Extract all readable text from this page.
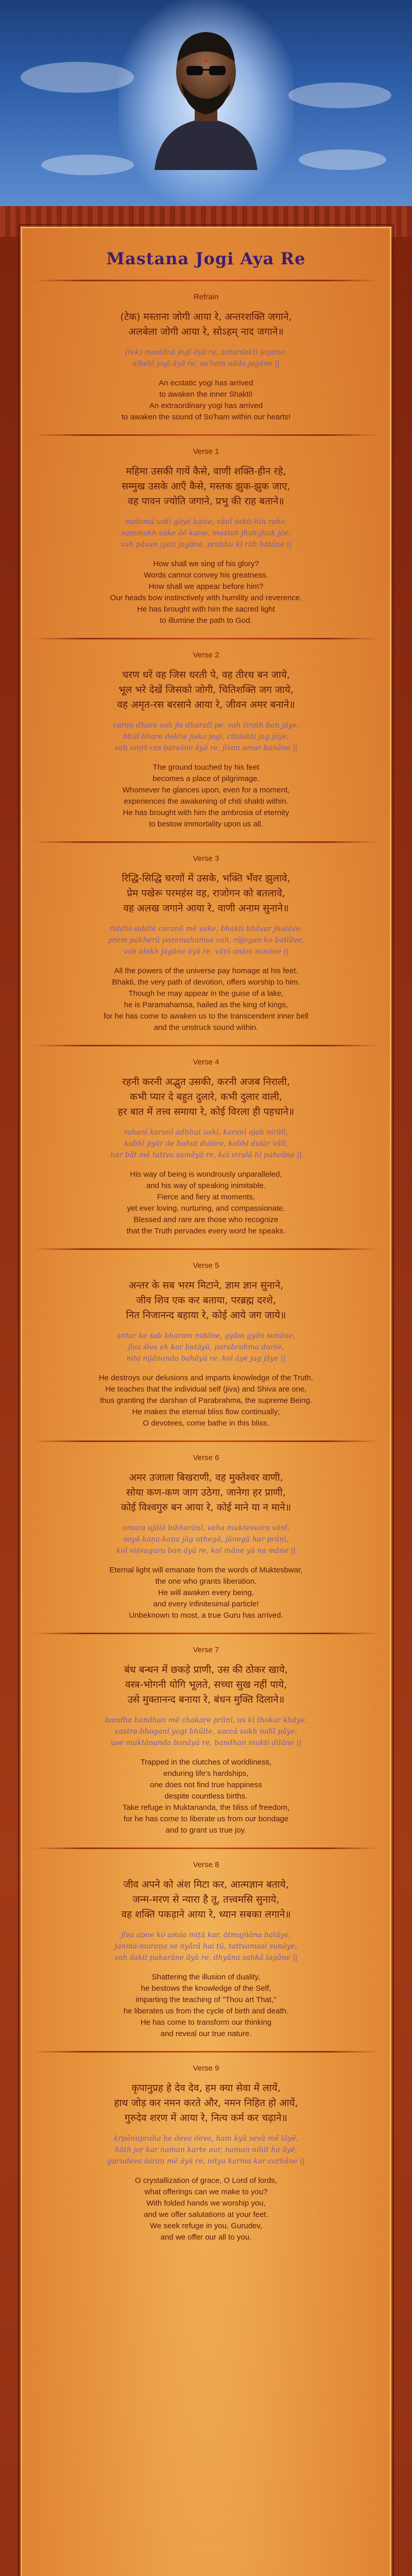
Mastana Jogi Aya Re
Refrain
(टेक) मस्ताना जोगी आया रे, अन्तरशक्ति जगाने,
अलबेला जोगी आया रे, सोऽहम् नाद जगाने॥
(tek) mastānā jogī āyā re, antarśakti jagāne,
albelā jogī āyā re, so'ham nāda jagāne ||
An ecstatic yogi has arrived
to awaken the inner Shakti!
An extraordinary yogi has arrived
to awaken the sound of So'ham within our hearts!
Verse 1
महिमा उसकी गायें कैसे, वाणी शक्ति-हीन रहे,
सम्मुख उसके आएँ कैसे, मस्तक झुक-झुक जाए,
वह पावन ज्योति जगाने, प्रभु की राह बताने॥
mahimā uskī gāyẽ kaise, vāṇī śakti-hīn rahe,
sammukh uske āẽ kaise, mastak jhuk-jhuk jāe,
vah pāvan jyoti jagāne, prabhu kī rāh batāne ||
How shall we sing of his glory?
Words cannot convey his greatness.
How shall we appear before him?
Our heads bow instinctively with humility and reverence.
He has brought with him the sacred light
to illumine the path to God.
Verse 2
चरण धरें वह जिस धरती पे, वह तीरथ बन जाये,
भूल भरे देखें जिसको जोगी, चितिशक्ति जग जाये,
वह अमृत-रस बरसाने आया रे, जीवन अमर बनाने॥
caraṇ dhare vah jis dharatī pe, vah tīrath ban jāye,
bhūl bhare dekhe jisko jogī, citiśakti jag jāye,
vah amṛt-ras barsāne āyā re, jīvan amar banāne ||
The ground touched by his feet
becomes a place of pilgrimage.
Whomever he glances upon, even for a moment,
experiences the awakening of chiti shakti within.
He has brought with him the ambrosia of eternity
to bestow immortality upon us all.
Verse 3
रिद्धि-सिद्धि चरणों में उसके, भक्ति भँवर झुलावे,
प्रेम पखेरू परमहंस वह, राजोगन को बतलावे,
वह अलख जगाने आया रे, वाणी अनाम सुनाने॥
riddhi-siddhi caraṇõ mẽ uske, bhakti bhãvar jhulāve,
prem pakherū paramahaṁsa vah, rājogan ko batlāve,
vah alakh jagāne āyā re, vāṇī anām sunāne ||
All the powers of the universe pay homage at his feet.
Bhakti, the very path of devotion, offers worship to him.
Though he may appear in the guise of a lake,
he is Paramahamsa, hailed as the king of kings,
for he has come to awaken us to the transcendent inner bell
and the unstruck sound within.
Verse 4
रहनी करनी अद्भुत उसकी, करनी अजब निराली,
कभी प्यार दे बहुत दुलारे, कभी दुलार वाली,
हर बात में तत्त्व समाया रे, कोई विरला ही पहचाने॥
rahanī karanī adbhut uskī, karanī ajab nirālī,
kabhī pyār de bahut dulāre, kabhī dulār vālī,
har bāt mẽ tattva samāyā re, koī viralā hī pahcāne ||
His way of being is wondrously unparalleled,
and his way of speaking inimitable.
Fierce and fiery at moments,
yet ever loving, nurturing, and compassionate.
Blessed and rare are those who recognize
that the Truth pervades every word he speaks.
Verse 5
अन्तर के सब भरम मिटाने, ज्ञाम ज्ञान सुनाने,
जीव शिव एक कर बताया, परब्रह्म दरशे,
नित निजानन्द बहाया रे, कोई आये जग जाये॥
antar ke sab bharam miṭāne, gyām gyān sunāne,
jīva śiva ek kar batāyā, parabrahma darśe,
nita nijānanda bahāyā re, koī āye jag jāye ||
He destroys our delusions and imparts knowledge of the Truth.
He teaches that the individual self (jiva) and Shiva are one,
thus granting the darshan of Parabrahma, the supreme Being.
He makes the eternal bliss flow continually;
O devotees, come bathe in this bliss.
Verse 6
अमर उजाला बिखराणी, वह मुक्तेश्वर वाणी,
सोया कण-कण जाग उठेगा, जानेगा हर प्राणी,
कोई विश्वगुरु बन आया रे, कोई माने या न माने॥
amara ujālā bikharāṇī, vaha muktesvara vāṇī,
soyā kaṇa-kaṇa jāg uṭhegā, jānegā har prāṇī,
koī viśvaguru ban āyā re, koī māne yā na māne ||
Eternal light will emanate from the words of Muktesbwar,
the one who grants liberation.
He will awaken every being,
and every infinitesimal particle!
Unbeknown to most, a true Guru has arrived.
Verse 7
बंध बन्धन में छकड़े प्राणी, उस की ठोकर खाये,
वस्त्र-भोगनी योगि भूलते, सच्चा सुख नहीं पाये,
उसे मुक्तानन्द बनाया रे, बंधन मुक्ति दिलाने॥
bandha bandhan mẽ chakaṛe prāṇī, us kī ṭhokar khāye,
vastra-bhoganī yogi bhūlte, saccā sukh nahī̃ pāye,
use muktānanda banāyā re, bandhan mukti dilāne ||
Trapped in the clutches of worldliness,
enduring life's hardships,
one does not find true happiness
despite countless births.
Take refuge in Muktananda, the bliss of freedom,
for he has come to liberate us from our bondage
and to grant us true joy.
Verse 8
जीव अपने को अंश मिटा कर, आत्मज्ञान बताये,
जन्म-मरण से न्यारा है तू, तत्त्वमसि सुनाये,
वह शक्ति पकड़ाने आया रे, ध्यान सबका लगाने॥
jīva apne ko aṁśa miṭā kar, ātmajñāna batāye,
janma-maraṇa se nyārā hai tū, tattvamasi sunāye,
vah śakti pakaṛāne āyā re, dhyāna sabkā lagāne ||
Shattering the illusion of duality,
he bestows the knowledge of the Self,
imparting the teaching of "Thou art That,"
he liberates us from the cycle of birth and death.
He has come to transform our thinking
and reveal our true nature.
Verse 9
कृपानुप्रह हे देव देव, हम क्या सेवा में लायें,
हाथ जोड़ कर नमन करते और, नमन निहित हो आयें,
गुरुदेव शरण में आया रे, नित्य कर्म कर चढ़ाने॥
kṛpānupraha he deva deva, ham kyā sevā mẽ lāyẽ,
hāth joṛ kar naman karte aur, naman nihit ho āyẽ,
gurudeva śaraṇ mẽ āyā re, nitya karma kar caṛhāne ||
O crystallization of grace, O Lord of lords,
what offerings can we make to you?
With folded hands we worship you,
and we offer salutations at your feet.
We seek refuge in you, Gurudev,
and we offer our all to you.
